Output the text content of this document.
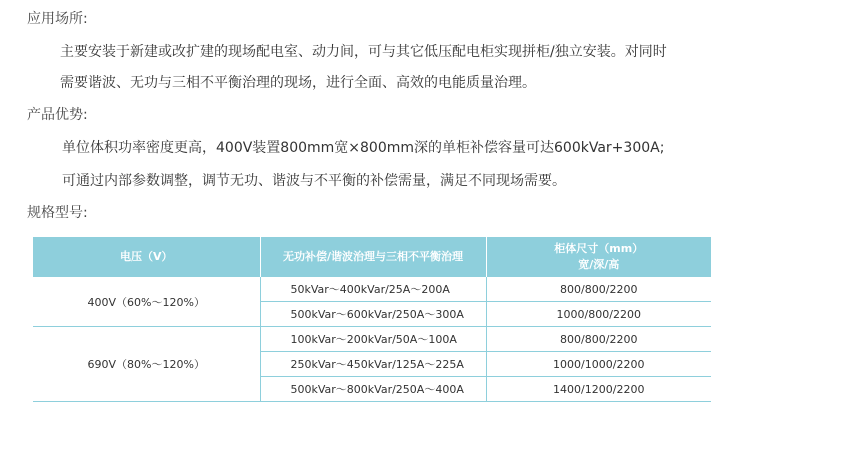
应用场所:
主要安装于新建或改扩建的现场配电室、动力间，可与其它低压配电柜实现拼柜/独立安装。对同时
需要谐波、无功与三相不平衡治理的现场，进行全面、高效的电能质量治理。
产品优势:
单位体积功率密度更高，400V装置800mm宽×800mm深的单柜补偿容量可达600kVar+300A;
可通过内部参数调整，调节无功、谐波与不平衡的补偿需量，满足不同现场需要。
规格型号:
电压（V）	无功补偿/谐波治理与三相不平衡治理	柜体尺寸（mm）
宽/深/高

400V（60%～120%）	50kVar～400kVar/25A～200A	800/800/2200
	500kVar～600kVar/250A～300A	1000/800/2200
690V（80%～120%）	100kVar～200kVar/50A～100A	800/800/2200
	250kVar～450kVar/125A～225A	1000/1000/2200
	500kVar～800kVar/250A～400A	1400/1200/2200
